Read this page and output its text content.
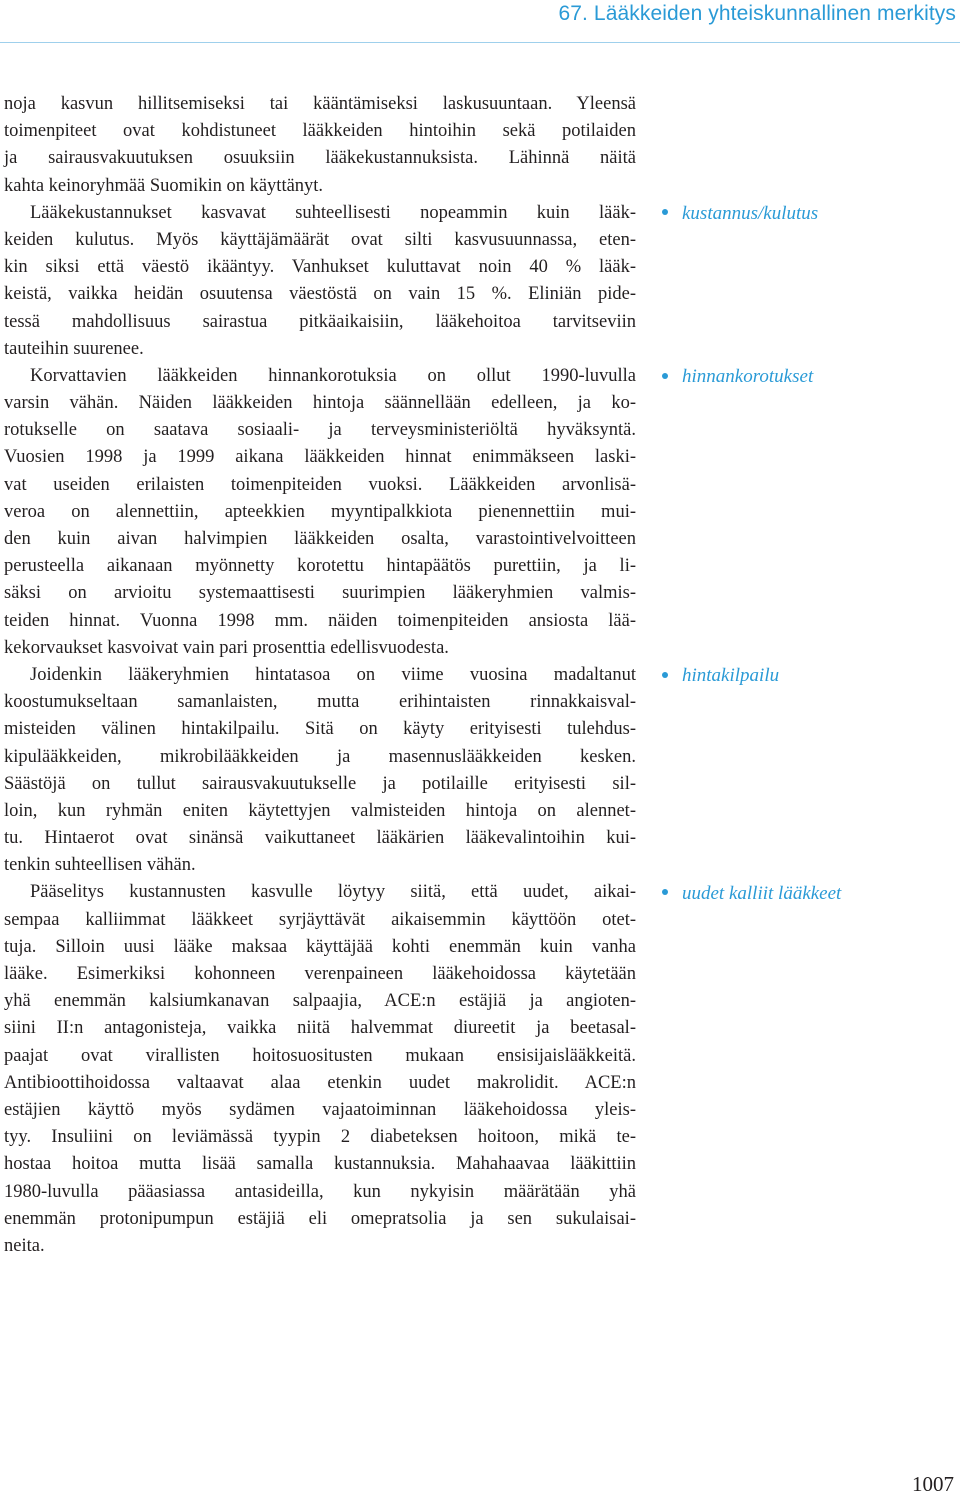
67. Lääkkeiden yhteiskunnallinen merkitys
noja kasvun hillitsemiseksi tai kääntämiseksi laskusuuntaan. Yleensä
toimenpiteet ovat kohdistuneet lääkkeiden hintoihin sekä potilaiden
ja sairausvakuutuksen osuuksiin lääkekustannuksista. Lähinnä näitä
kahta keinoryhmää Suomikin on käyttänyt.
Lääkekustannukset kasvavat suhteellisesti nopeammin kuin lääk-
keiden kulutus. Myös käyttäjämäärät ovat silti kasvusuunnassa, eten-
kin siksi että väestö ikääntyy. Vanhukset kuluttavat noin 40 % lääk-
keistä, vaikka heidän osuutensa väestöstä on vain 15 %. Eliniän pide-
tessä mahdollisuus sairastua pitkäaikaisiin, lääkehoitoa tarvitseviin
tauteihin suurenee.
Korvattavien lääkkeiden hinnankorotuksia on ollut 1990-luvulla
varsin vähän. Näiden lääkkeiden hintoja säännellään edelleen, ja ko-
rotukselle on saatava sosiaali- ja terveysministeriöltä hyväksyntä.
Vuosien 1998 ja 1999 aikana lääkkeiden hinnat enimmäkseen laski-
vat useiden erilaisten toimenpiteiden vuoksi. Lääkkeiden arvonlisä-
veroa on alennettiin, apteekkien myyntipalkkiota pienennettiin mui-
den kuin aivan halvimpien lääkkeiden osalta, varastointivelvoitteen
perusteella aikanaan myönnetty korotettu hintapäätös purettiin, ja li-
säksi on arvioitu systemaattisesti suurimpien lääkeryhmien valmis-
teiden hinnat. Vuonna 1998 mm. näiden toimenpiteiden ansiosta lää-
kekorvaukset kasvoivat vain pari prosenttia edellisvuodesta.
Joidenkin lääkeryhmien hintatasoa on viime vuosina madaltanut
koostumukseltaan samanlaisten, mutta erihintaisten rinnakkaisval-
misteiden välinen hintakilpailu. Sitä on käyty erityisesti tulehdus-
kipulääkkeiden, mikrobilääkkeiden ja masennuslääkkeiden kesken.
Säästöjä on tullut sairausvakuutukselle ja potilaille erityisesti sil-
loin, kun ryhmän eniten käytettyjen valmisteiden hintoja on alennet-
tu. Hintaerot ovat sinänsä vaikuttaneet lääkärien lääkevalintoihin kui-
tenkin suhteellisen vähän.
Pääselitys kustannusten kasvulle löytyy siitä, että uudet, aikai-
sempaa kalliimmat lääkkeet syrjäyttävät aikaisemmin käyttöön otet-
tuja. Silloin uusi lääke maksaa käyttäjää kohti enemmän kuin vanha
lääke. Esimerkiksi kohonneen verenpaineen lääkehoidossa käytetään
yhä enemmän kalsiumkanavan salpaajia, ACE:n estäjiä ja angioten-
siini II:n antagonisteja, vaikka niitä halvemmat diureetit ja beetasal-
paajat ovat virallisten hoitosuositusten mukaan ensisijaislääkkeitä.
Antibioottihoidossa valtaavat alaa etenkin uudet makrolidit. ACE:n
estäjien käyttö myös sydämen vajaatoiminnan lääkehoidossa yleis-
tyy. Insuliini on leviämässä tyypin 2 diabeteksen hoitoon, mikä te-
hostaa hoitoa mutta lisää samalla kustannuksia. Mahahaavaa lääkittiin
1980-luvulla pääasiassa antasideilla, kun nykyisin määrätään yhä
enemmän protonipumpun estäjiä eli omepratsolia ja sen sukulaisai-
neita.
kustannus/kulutus
hinnankorotukset
hintakilpailu
uudet kalliit lääkkeet
1007
